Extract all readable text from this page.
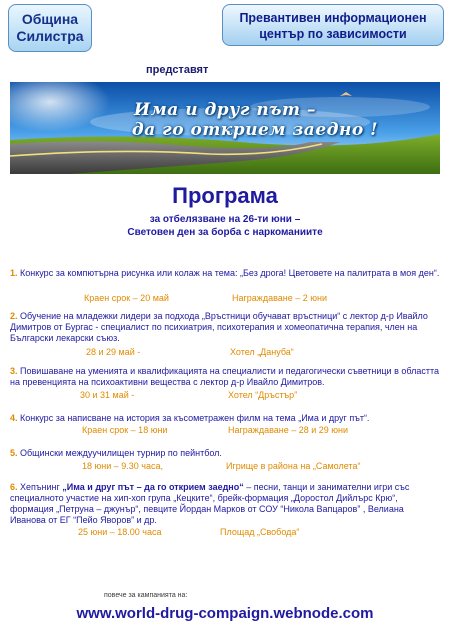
Община
Силистра
Превантивен информационен
център по зависимости
представят
Има и друг път –
да го открием заедно !
Програма
за отбелязване на 26-ти юни –
Световен ден за борба с наркоманиите
1. Конкурс за компютърна рисунка или колаж на тема: „Без дрога! Цветовете на палитрата в моя ден“.
Краен срок – 20 май	Награждаване – 2 юни
2. Обучение на младежки лидери за подхода „Връстници обучават връстници“ с лектор д-р Ивайло Димитров от Бургас - специалист по психиатрия, психотерапия и хомеопатична терапия, член на Български лекарски съюз.
28 и 29 май -	Хотел „Дануба“
3. Повишаване на уменията и квалификацията на специалисти и педагогически съветници в областта на превенцията на психоактивни вещества с лектор д-р Ивайло Димитров.
30 и 31 май -	Хотел “Дръстър”
4. Конкурс за написване на история за късометражен филм на тема „Има и друг път“.
Краен срок – 18 юни	Награждаване – 28 и 29 юни
5. Общински междуучилищен турнир по пейнтбол.
18 юни – 9.30 часа,	Игрище в района на „Самолета“
6. Хепънинг „Има и друг път – да го открием заедно“ – песни, танци и занимателни игри със специалното участие на хип-хоп група „Кецките“, брейк-формация „Доростол Дийлърс Крю“, формация „Петруна – джунър“, певците Йордан Марков от СОУ “Никола Вапцаров” , Велиана Иванова от ЕГ “Пейо Яворов” и др.
25 юни – 18.00 часа	Площад „Свобода“
повече за кампанията на:
www.world-drug-compaign.webnode.com
